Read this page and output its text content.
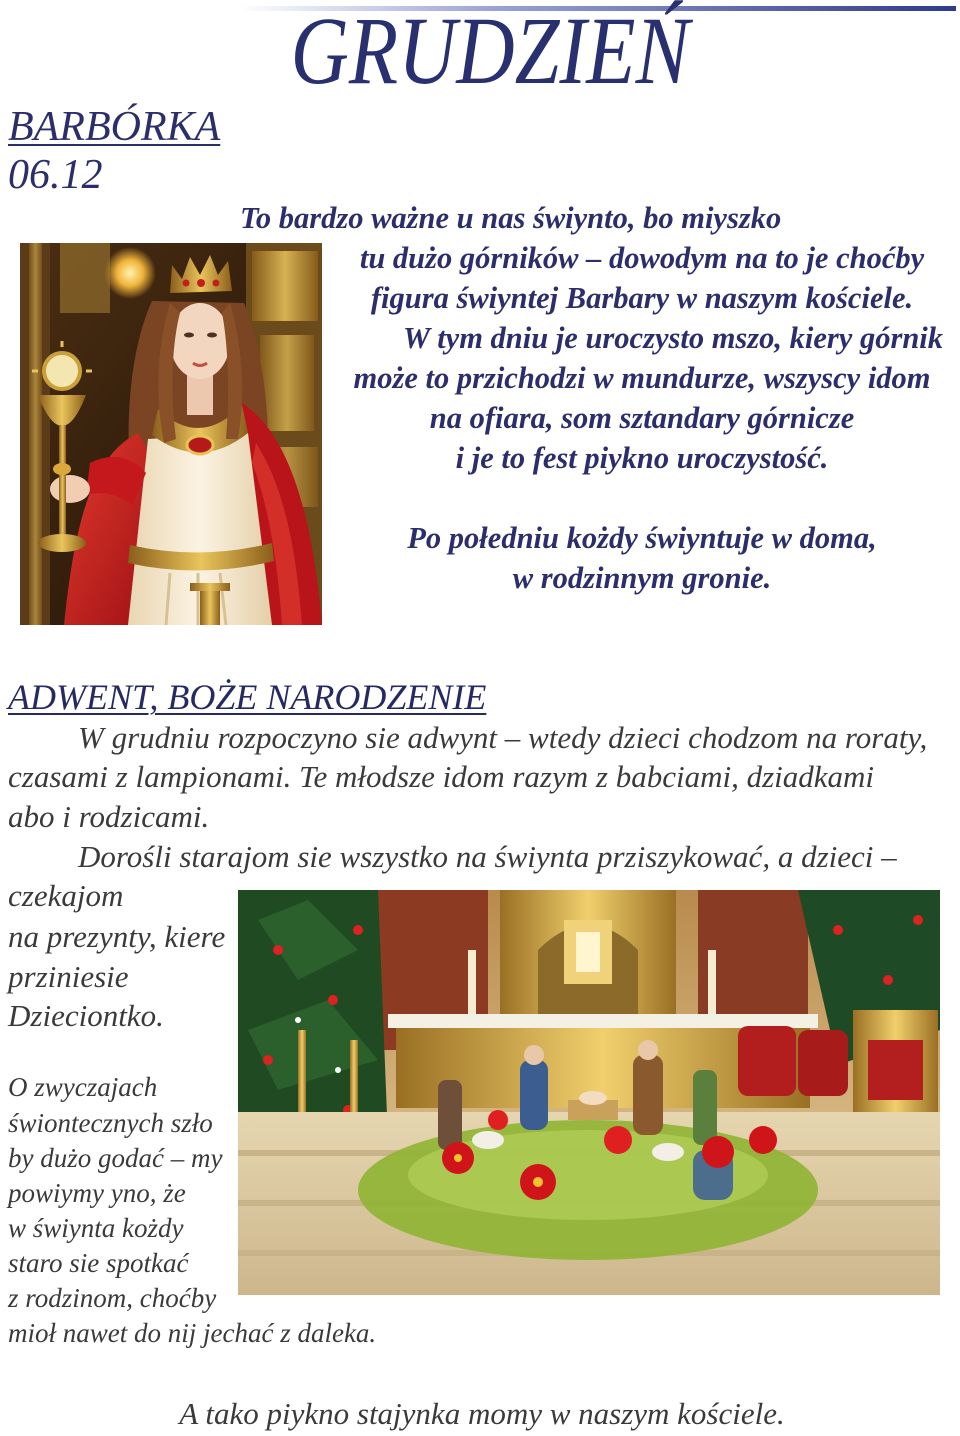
GRUDZIEŃ
BARBÓRKA
06.12
To bardzo ważne u nas świynto, bo miyszko
tu dużo górników – dowodym na to je choćby
figura świyntej Barbary w naszym kościele.
W tym dniu je uroczysto mszo, kiery górnik
może to przichodzi w mundurze, wszyscy idom
na ofiara, som sztandary górnicze
i je to fest piykno uroczystość.
Po połedniu kożdy świyntuje w doma,
w rodzinnym gronie.
ADWENT, BOŻE NARODZENIE
W grudniu rozpoczyno sie adwynt – wtedy dzieci chodzom na roraty,
czasami z lampionami. Te młodsze idom razym z babciami, dziadkami
abo i rodzicami.
Dorośli starajom sie wszystko na świynta prziszykować, a dzieci –
czekajom
na prezynty, kiere
prziniesie
Dzieciontko.
O zwyczajach
świontecznych szło
by dużo godać – my
powiymy yno, że
w świynta kożdy
staro sie spotkać
z rodzinom, choćby
mioł nawet do nij jechać z daleka.
A tako piykno stajynka momy w naszym kościele.
